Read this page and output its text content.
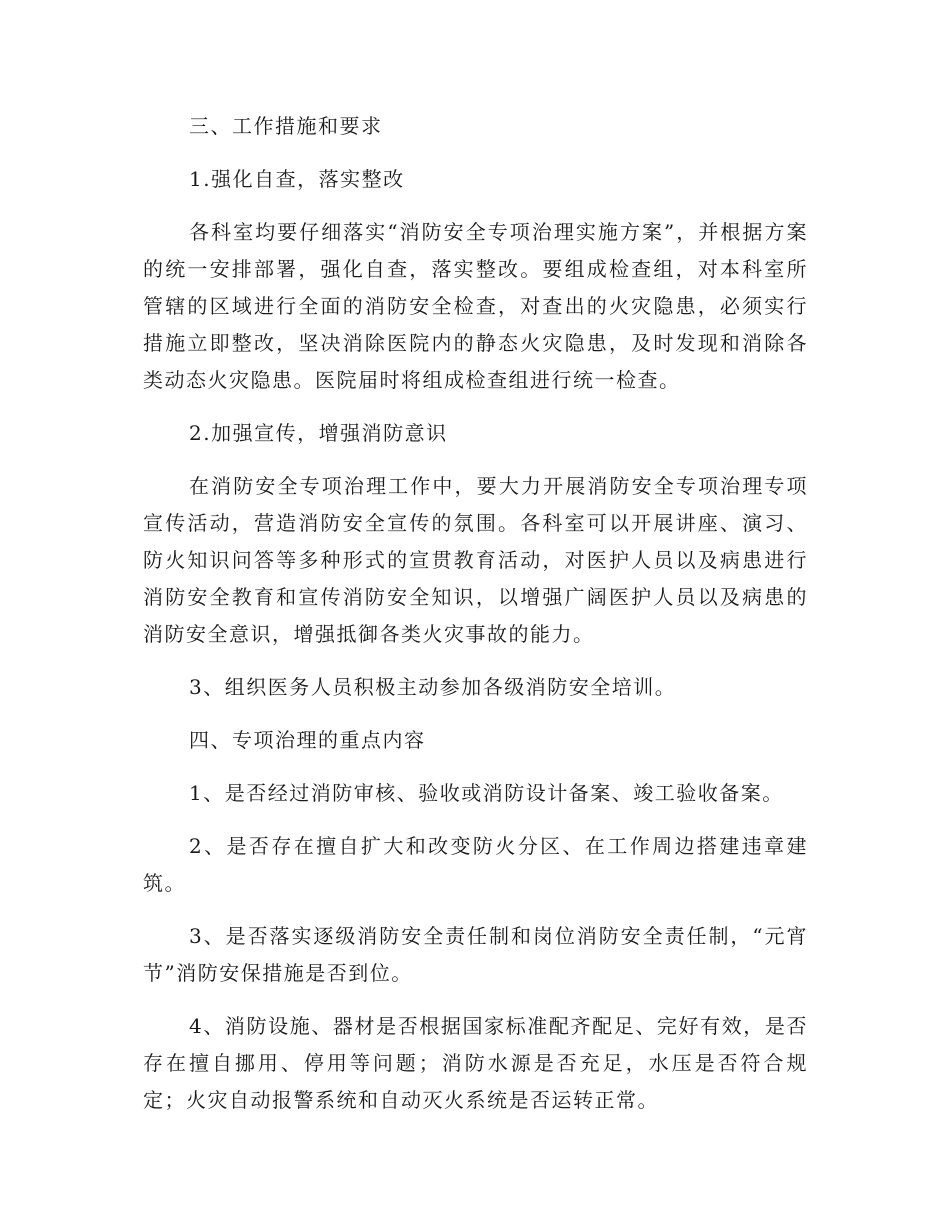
三、工作措施和要求

1.强化自查，落实整改

各科室均要仔细落实“消防安全专项治理实施方案”，并根据方案的统一安排部署，强化自查，落实整改。要组成检查组，对本科室所管辖的区域进行全面的消防安全检查，对查出的火灾隐患，必须实行措施立即整改，坚决消除医院内的静态火灾隐患，及时发现和消除各类动态火灾隐患。医院届时将组成检查组进行统一检查。

2.加强宣传，增强消防意识

在消防安全专项治理工作中，要大力开展消防安全专项治理专项宣传活动，营造消防安全宣传的氛围。各科室可以开展讲座、演习、防火知识问答等多种形式的宣贯教育活动，对医护人员以及病患进行消防安全教育和宣传消防安全知识，以增强广阔医护人员以及病患的消防安全意识，增强抵御各类火灾事故的能力。

3、组织医务人员积极主动参加各级消防安全培训。

四、专项治理的重点内容

1、是否经过消防审核、验收或消防设计备案、竣工验收备案。

2、是否存在擅自扩大和改变防火分区、在工作周边搭建违章建筑。

3、是否落实逐级消防安全责任制和岗位消防安全责任制，“元宵节”消防安保措施是否到位。

4、消防设施、器材是否根据国家标准配齐配足、完好有效，是否存在擅自挪用、停用等问题；消防水源是否充足，水压是否符合规定；火灾自动报警系统和自动灭火系统是否运转正常。
